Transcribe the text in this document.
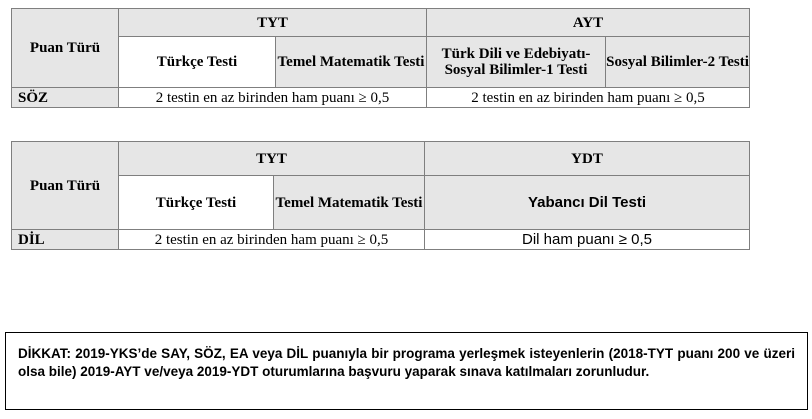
Puan Türü	TYT		AYT	
	Türkçe Testi	Temel Matematik Testi	Türk Dili ve Edebiyatı-Sosyal Bilimler-1 Testi	Sosyal Bilimler-2 Testi
SÖZ	2 testin en az birinden ham puanı ≥ 0,5		2 testin en az birinden ham puanı ≥ 0,5	
Puan Türü	TYT		YDT
	Türkçe Testi	Temel Matematik Testi	Yabancı Dil Testi
DİL	2 testin en az birinden ham puanı ≥ 0,5		Dil ham puanı ≥ 0,5
DİKKAT: 2019-YKS’de SAY, SÖZ, EA veya DİL puanıyla bir programa yerleşmek isteyenlerin (2018-TYT puanı 200 ve üzeri olsa bile) 2019-AYT ve/veya 2019-YDT oturumlarına başvuru yaparak sınava katılmaları zorunludur.
